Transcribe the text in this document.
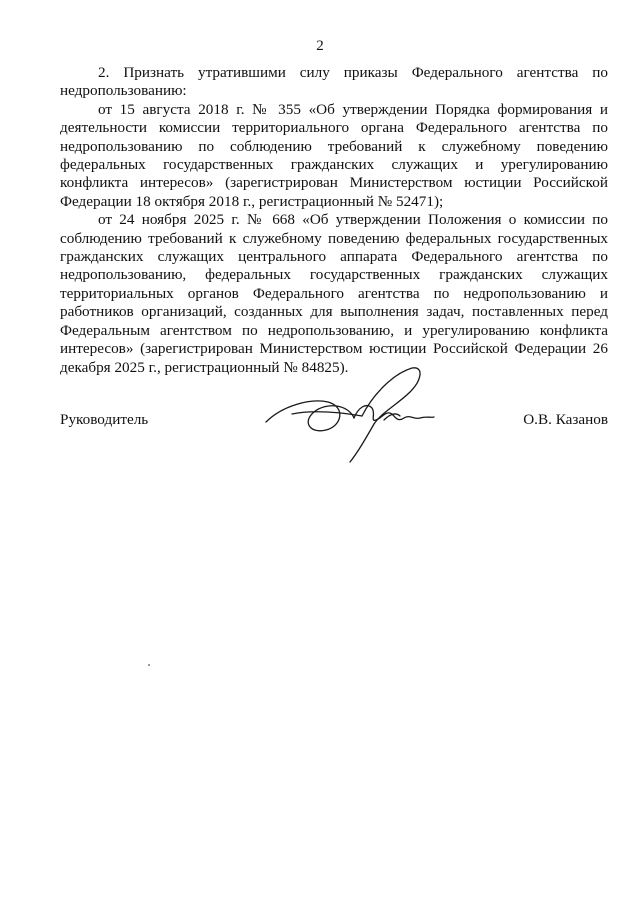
2

2. Признать утратившими силу приказы Федерального агентства по недропользованию:

от 15 августа 2018 г. № 355 «Об утверждении Порядка формирования и деятельности комиссии территориального органа Федерального агентства по недропользованию по соблюдению требований к служебному поведению федеральных государственных гражданских служащих и урегулированию конфликта интересов» (зарегистрирован Министерством юстиции Российской Федерации 18 октября 2018 г., регистрационный № 52471);

от 24 ноября 2025 г. № 668 «Об утверждении Положения о комиссии по соблюдению требований к служебному поведению федеральных государственных гражданских служащих центрального аппарата Федерального агентства по недропользованию, федеральных государственных гражданских служащих территориальных органов Федерального агентства по недропользованию и работников организаций, созданных для выполнения задач, поставленных перед Федеральным агентством по недропользованию, и урегулированию конфликта интересов» (зарегистрирован Министерством юстиции Российской Федерации 26 декабря 2025 г., регистрационный № 84825).

Руководитель	О.В. Казанов
